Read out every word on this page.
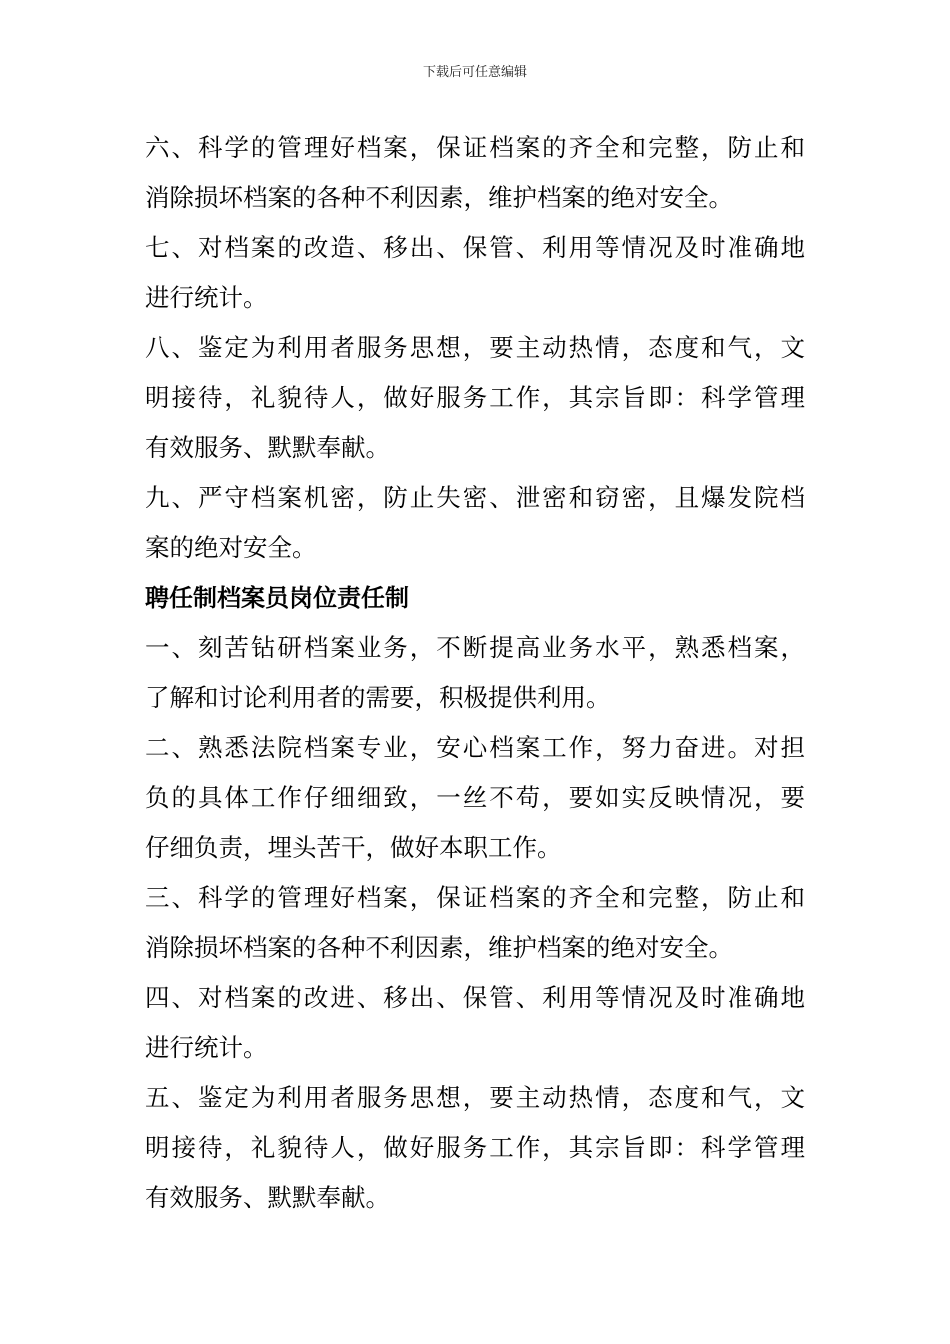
下载后可任意编辑
六、科学的管理好档案，保证档案的齐全和完整，防止和
消除损坏档案的各种不利因素，维护档案的绝对安全。
七、对档案的改造、移出、保管、利用等情况及时准确地
进行统计。
八、鉴定为利用者服务思想，要主动热情，态度和气，文
明接待，礼貌待人，做好服务工作，其宗旨即：科学管理
有效服务、默默奉献。
九、严守档案机密，防止失密、泄密和窃密，且爆发院档
案的绝对安全。
聘任制档案员岗位责任制
一、刻苦钻研档案业务，不断提高业务水平，熟悉档案，
了解和讨论利用者的需要，积极提供利用。
二、熟悉法院档案专业，安心档案工作，努力奋进。对担
负的具体工作仔细细致，一丝不苟，要如实反映情况，要
仔细负责，埋头苦干，做好本职工作。
三、科学的管理好档案，保证档案的齐全和完整，防止和
消除损坏档案的各种不利因素，维护档案的绝对安全。
四、对档案的改进、移出、保管、利用等情况及时准确地
进行统计。
五、鉴定为利用者服务思想，要主动热情，态度和气，文
明接待，礼貌待人，做好服务工作，其宗旨即：科学管理
有效服务、默默奉献。
